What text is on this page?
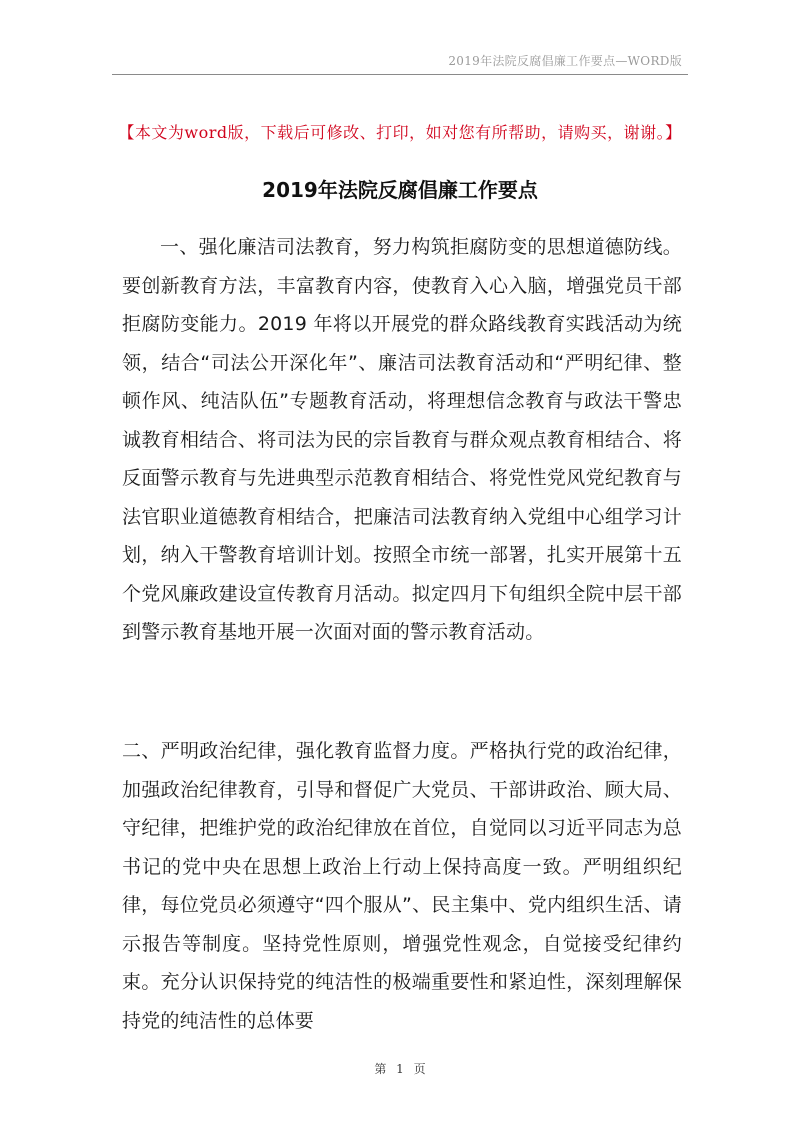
2019年法院反腐倡廉工作要点—WORD版
【本文为word版，下载后可修改、打印，如对您有所帮助，请购买，谢谢。】
2019年法院反腐倡廉工作要点
一、强化廉洁司法教育，努力构筑拒腐防变的思想道德防线。要创新教育方法，丰富教育内容，使教育入心入脑，增强党员干部拒腐防变能力。2019 年将以开展党的群众路线教育实践活动为统领，结合“司法公开深化年”、廉洁司法教育活动和“严明纪律、整顿作风、纯洁队伍”专题教育活动，将理想信念教育与政法干警忠诚教育相结合、将司法为民的宗旨教育与群众观点教育相结合、将反面警示教育与先进典型示范教育相结合、将党性党风党纪教育与法官职业道德教育相结合，把廉洁司法教育纳入党组中心组学习计划，纳入干警教育培训计划。按照全市统一部署，扎实开展第十五个党风廉政建设宣传教育月活动。拟定四月下旬组织全院中层干部到警示教育基地开展一次面对面的警示教育活动。
二、严明政治纪律，强化教育监督力度。严格执行党的政治纪律，加强政治纪律教育，引导和督促广大党员、干部讲政治、顾大局、守纪律，把维护党的政治纪律放在首位，自觉同以习近平同志为总书记的党中央在思想上政治上行动上保持高度一致。严明组织纪律，每位党员必须遵守“四个服从”、民主集中、党内组织生活、请示报告等制度。坚持党性原则，增强党性观念，自觉接受纪律约束。充分认识保持党的纯洁性的极端重要性和紧迫性，深刻理解保持党的纯洁性的总体要
第 1 页
